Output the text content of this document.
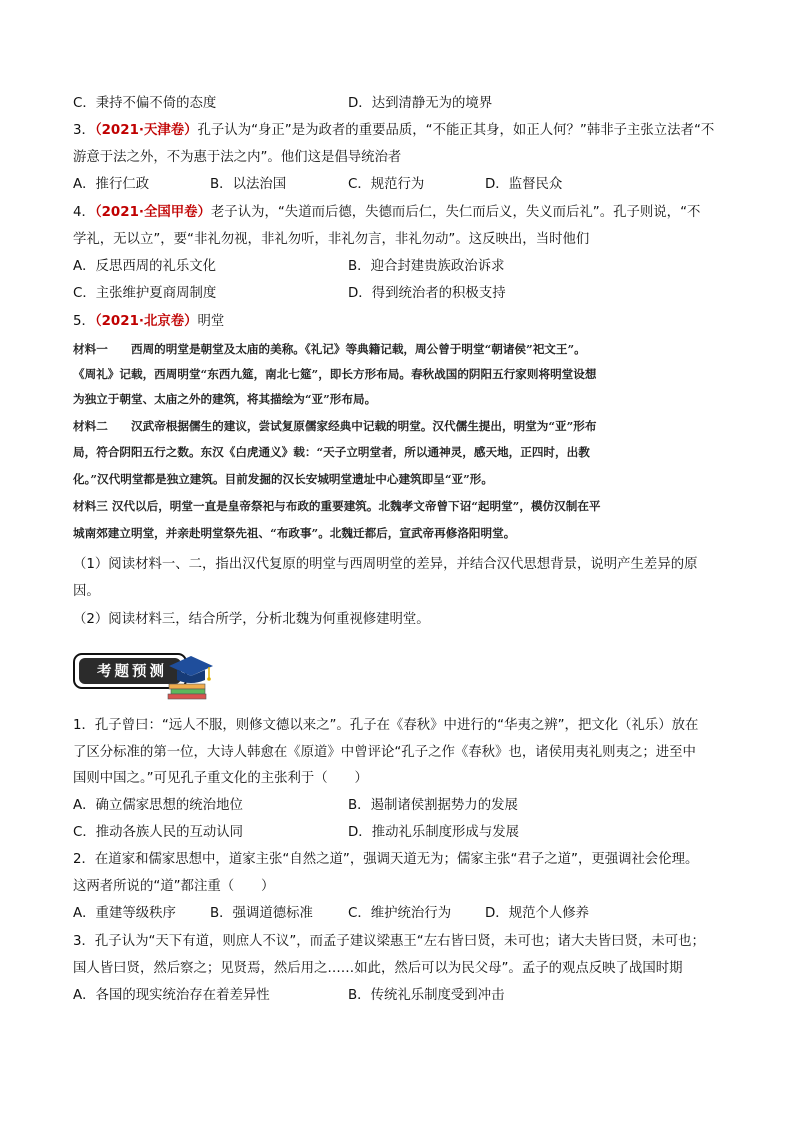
C．秉持不偏不倚的态度	D．达到清静无为的境界
3．（2021·天津卷）孔子认为“身正”是为政者的重要品质，“不能正其身，如正人何？”韩非子主张立法者“不
游意于法之外，不为惠于法之内”。他们这是倡导统治者
A．推行仁政	B．以法治国	C．规范行为	D．监督民众
4．（2021·全国甲卷）老子认为，“失道而后德，失德而后仁，失仁而后义，失义而后礼”。孔子则说，“不
学礼，无以立”，要“非礼勿视，非礼勿听，非礼勿言，非礼勿动”。这反映出，当时他们
A．反思西周的礼乐文化	B．迎合封建贵族政治诉求
C．主张维护夏商周制度	D．得到统治者的积极支持
5．（2021·北京卷）明堂
材料一　　西周的明堂是朝堂及太庙的美称。《礼记》等典籍记载，周公曾于明堂“朝诸侯”祀文王”。
《周礼》记载，西周明堂“东西九筵，南北七筵”，即长方形布局。春秋战国的阴阳五行家则将明堂设想
为独立于朝堂、太庙之外的建筑，将其描绘为“亚”形布局。
材料二　　汉武帝根据儒生的建议，尝试复原儒家经典中记载的明堂。汉代儒生提出，明堂为“亚”形布
局，符合阴阳五行之数。东汉《白虎通义》载：“天子立明堂者，所以通神灵，感天地，正四时，出教
化。”汉代明堂都是独立建筑。目前发掘的汉长安城明堂遗址中心建筑即呈“亚”形。
材料三 汉代以后，明堂一直是皇帝祭祀与布政的重要建筑。北魏孝文帝曾下诏“起明堂”，模仿汉制在平
城南郊建立明堂，并亲赴明堂祭先祖、“布政事”。北魏迁都后，宣武帝再修洛阳明堂。
（1）阅读材料一、二，指出汉代复原的明堂与西周明堂的差异，并结合汉代思想背景，说明产生差异的原
因。
（2）阅读材料三，结合所学，分析北魏为何重视修建明堂。
考题预测
1．孔子曾曰：“远人不服，则修文德以来之”。孔子在《春秋》中进行的“华夷之辨”，把文化（礼乐）放在
了区分标准的第一位，大诗人韩愈在《原道》中曾评论“孔子之作《春秋》也，诸侯用夷礼则夷之；进至中
国则中国之。”可见孔子重文化的主张利于（　　）
A．确立儒家思想的统治地位	B．遏制诸侯割据势力的发展
C．推动各族人民的互动认同	D．推动礼乐制度形成与发展
2．在道家和儒家思想中，道家主张“自然之道”，强调天道无为；儒家主张“君子之道”，更强调社会伦理。
这两者所说的“道”都注重（　　）
A．重建等级秩序	B．强调道德标准	C．维护统治行为	D．规范个人修养
3．孔子认为“天下有道，则庶人不议”，而孟子建议梁惠王“左右皆曰贤，未可也；诸大夫皆曰贤，未可也；
国人皆曰贤，然后察之；见贤焉，然后用之……如此，然后可以为民父母”。孟子的观点反映了战国时期
A．各国的现实统治存在着差异性	B．传统礼乐制度受到冲击
